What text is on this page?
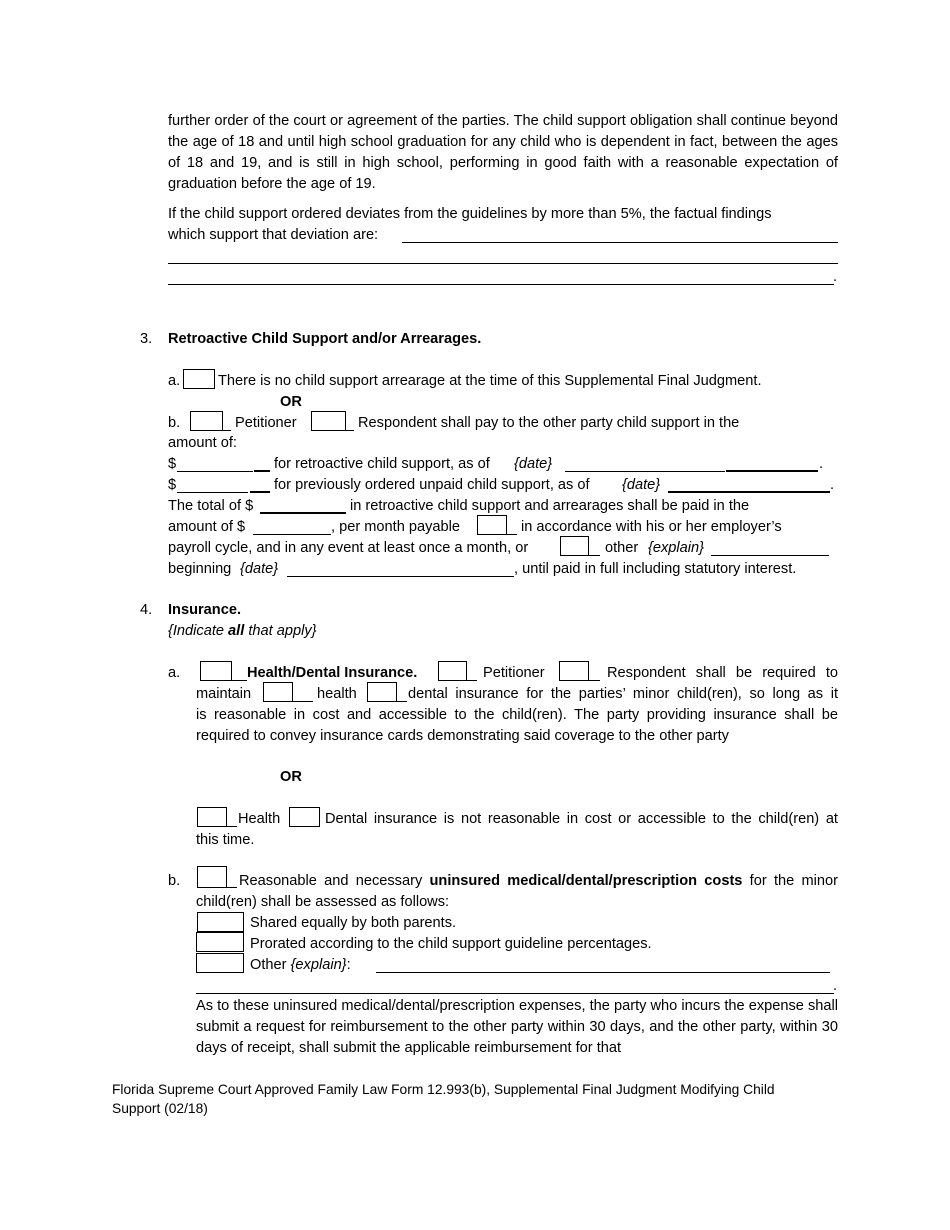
further order of the court or agreement of the parties. The child support obligation shall continue beyond the age of 18 and until high school graduation for any child who is dependent in fact, between the ages of 18 and 19, and is still in high school, performing in good faith with a reasonable expectation of graduation before the age of 19.

If the child support ordered deviates from the guidelines by more than 5%, the factual findings
which support that deviation are:
.
3. Retroactive Child Support and/or Arrearages.
a.	There is no child support arrearage at the time of this Supplemental Final Judgment.
OR
b.	Petitioner	Respondent shall pay to the other party child support in the
amount of:
$	for retroactive child support, as of {date}	.
$	for previously ordered unpaid child support, as of {date}	.
The total of $	in retroactive child support and arrearages shall be paid in the
amount of $	, per month payable	in accordance with his or her employer’s
payroll cycle, and in any event at least once a month, or	other {explain}
beginning {date}	, until paid in full including statutory interest.
4. Insurance.
{Indicate all that apply}
a.	Health/Dental Insurance.	Petitioner	Respondent shall be required to
maintain	health	dental insurance for the parties’ minor child(ren), so long as it
is reasonable in cost and accessible to the child(ren). The party providing insurance shall be
required to convey insurance cards demonstrating said coverage to the other party
OR
Health	Dental insurance is not reasonable in cost or accessible to the child(ren) at
this time.
b.	Reasonable and necessary uninsured medical/dental/prescription costs for the minor
child(ren) shall be assessed as follows:
Shared equally by both parents.
Prorated according to the child support guideline percentages.
Other {explain}:
.

As to these uninsured medical/dental/prescription expenses, the party who incurs the expense shall submit a request for reimbursement to the other party within 30 days, and the other party, within 30 days of receipt, shall submit the applicable reimbursement for that

Florida Supreme Court Approved Family Law Form 12.993(b), Supplemental Final Judgment Modifying Child
Support (02/18)
